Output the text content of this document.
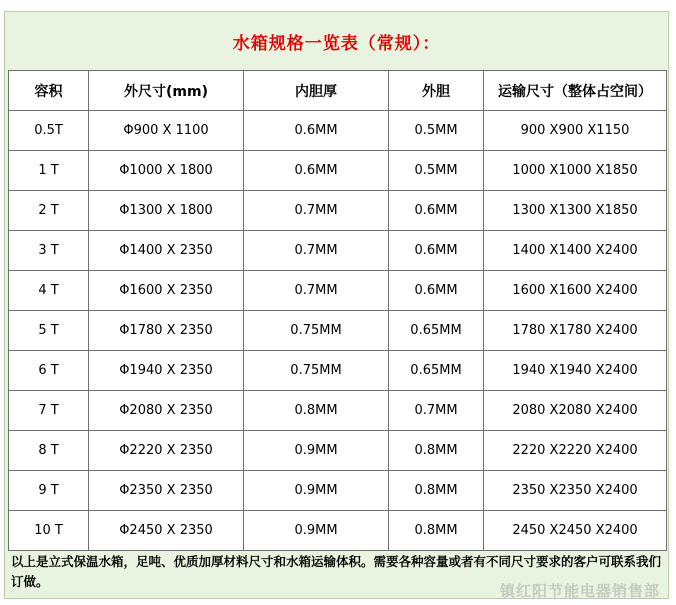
水箱规格一览表（常规）：
容积	外尺寸(mm)	内胆厚	外胆	运输尺寸（整体占空间）
0.5T	Φ900 X 1100	0.6MM	0.5MM	900 X900 X1150
1 T	Φ1000 X 1800	0.6MM	0.5MM	1000 X1000 X1850
2 T	Φ1300 X 1800	0.7MM	0.6MM	1300 X1300 X1850
3 T	Φ1400 X 2350	0.7MM	0.6MM	1400 X1400 X2400
4 T	Φ1600 X 2350	0.7MM	0.6MM	1600 X1600 X2400
5 T	Φ1780 X 2350	0.75MM	0.65MM	1780 X1780 X2400
6 T	Φ1940 X 2350	0.75MM	0.65MM	1940 X1940 X2400
7 T	Φ2080 X 2350	0.8MM	0.7MM	2080 X2080 X2400
8 T	Φ2220 X 2350	0.9MM	0.8MM	2220 X2220 X2400
9 T	Φ2350 X 2350	0.9MM	0.8MM	2350 X2350 X2400
10 T	Φ2450 X 2350	0.9MM	0.8MM	2450 X2450 X2400
以上是立式保温水箱，足吨、优质加厚材料尺寸和水箱运输体积。需要各种容量或者有不同尺寸要求的客户可联系我们订做。
镇红阳节能电器销售部
